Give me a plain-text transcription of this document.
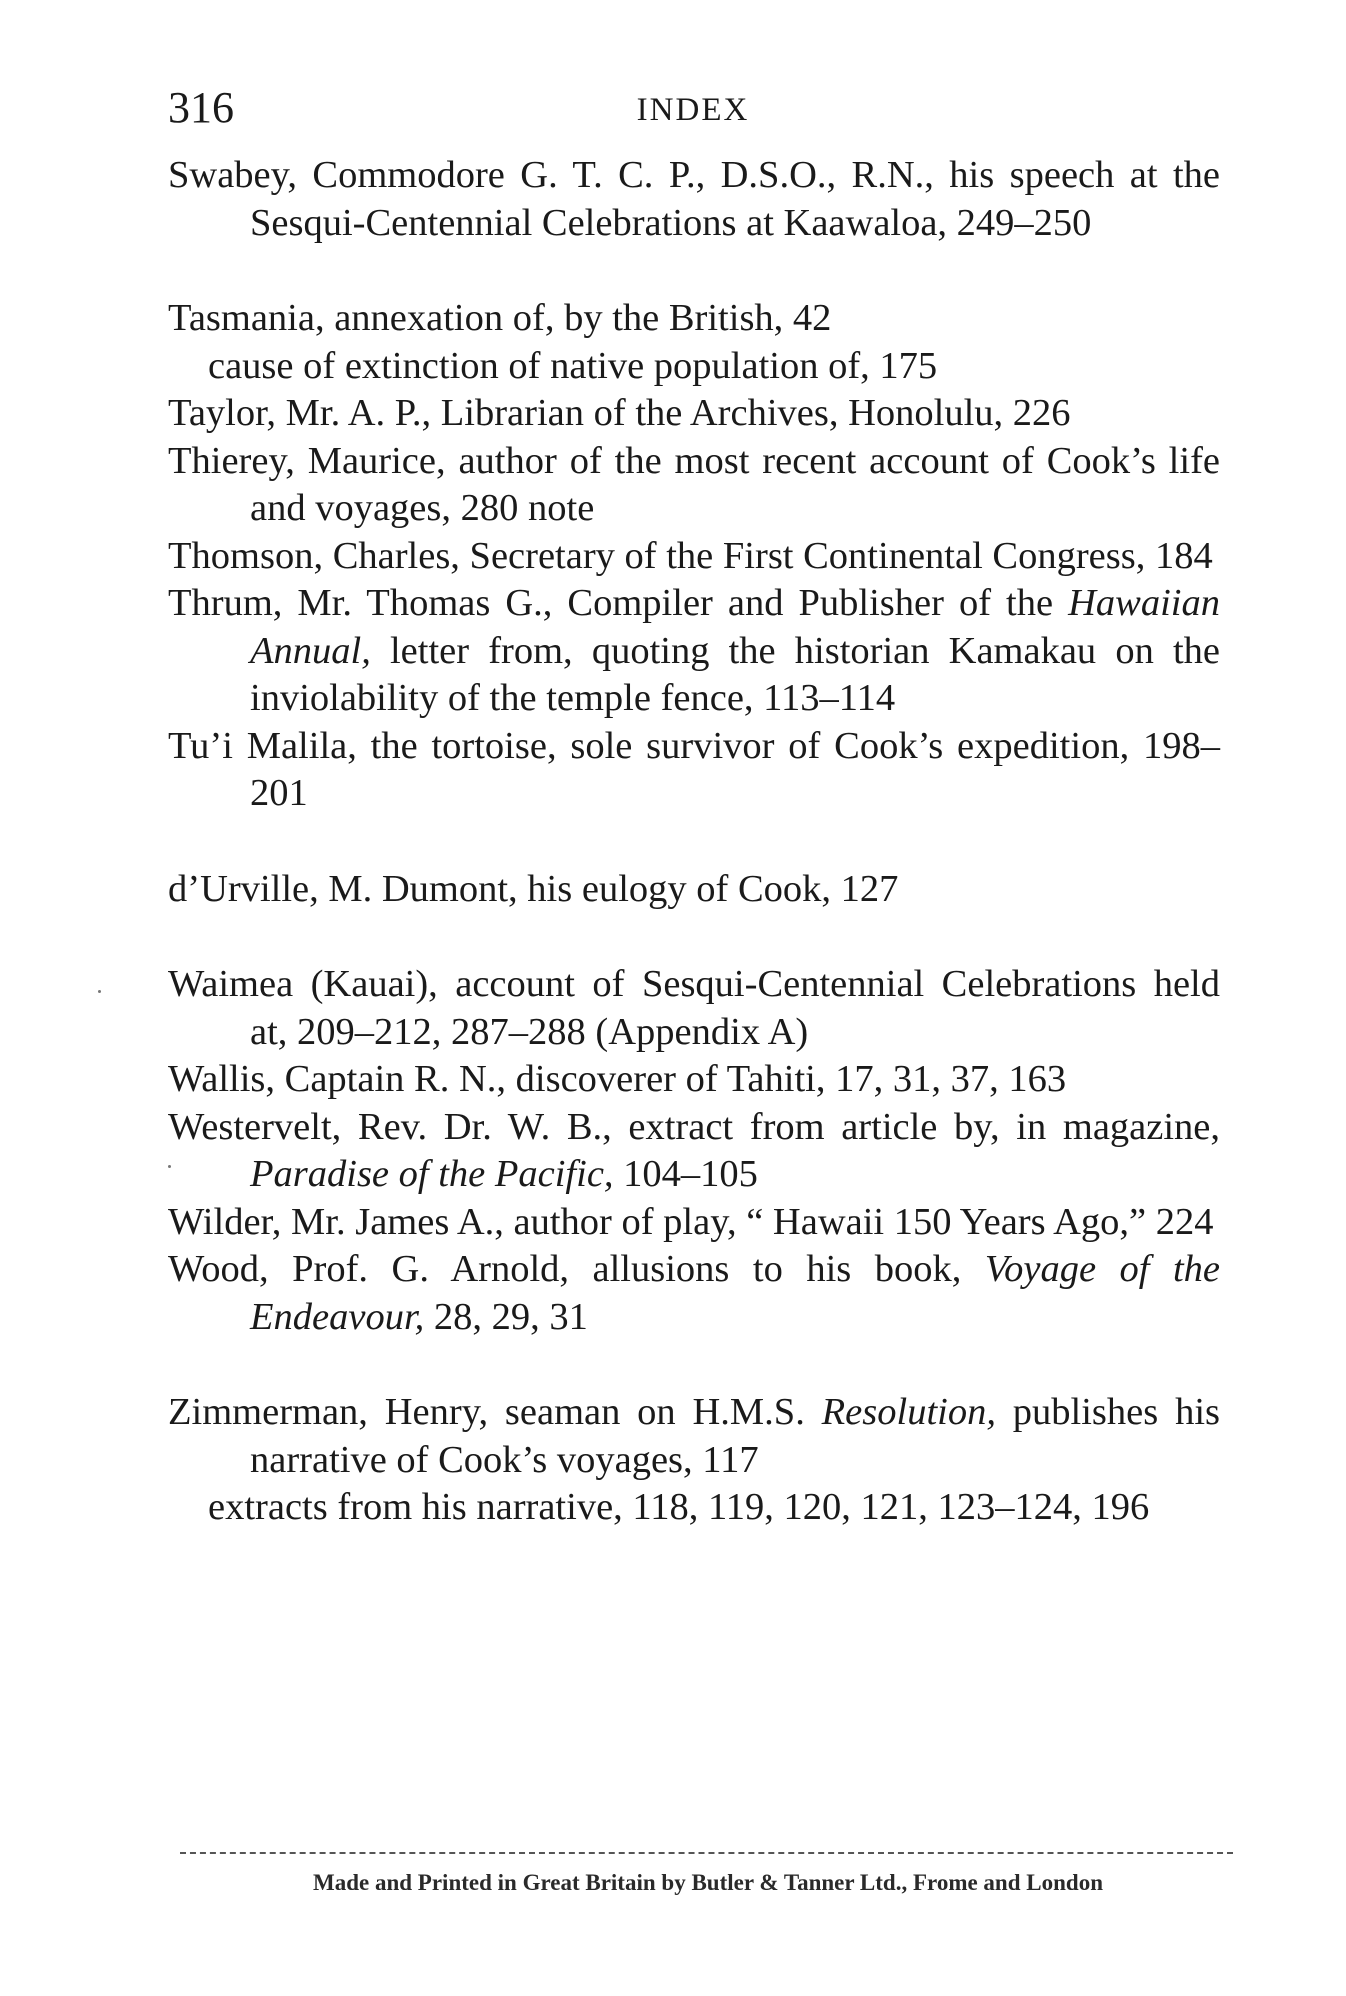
316	INDEX

Swabey, Commodore G. T. C. P., D.S.O., R.N., his speech at the Sesqui-Centennial Celebrations at Kaawaloa, 249–250

Tasmania, annexation of, by the British, 42

cause of extinction of native population of, 175

Taylor, Mr. A. P., Librarian of the Archives, Honolulu, 226

Thierey, Maurice, author of the most recent account of Cook’s life and voyages, 280 note

Thomson, Charles, Secretary of the First Continental Congress, 184

Thrum, Mr. Thomas G., Compiler and Publisher of the Hawaiian Annual, letter from, quoting the historian Kamakau on the inviolability of the temple fence, 113–114

Tu’i Malila, the tortoise, sole survivor of Cook’s expedition, 198–201

d’Urville, M. Dumont, his eulogy of Cook, 127

Waimea (Kauai), account of Sesqui-Centennial Celebrations held at, 209–212, 287–288 (Appendix A)

Wallis, Captain R. N., discoverer of Tahiti, 17, 31, 37, 163

Westervelt, Rev. Dr. W. B., extract from article by, in magazine, Paradise of the Pacific, 104–105

Wilder, Mr. James A., author of play, “ Hawaii 150 Years Ago,” 224

Wood, Prof. G. Arnold, allusions to his book, Voyage of the Endeavour, 28, 29, 31

Zimmerman, Henry, seaman on H.M.S. Resolution, publishes his narrative of Cook’s voyages, 117

extracts from his narrative, 118, 119, 120, 121, 123–124, 196

Made and Printed in Great Britain by Butler & Tanner Ltd., Frome and London
